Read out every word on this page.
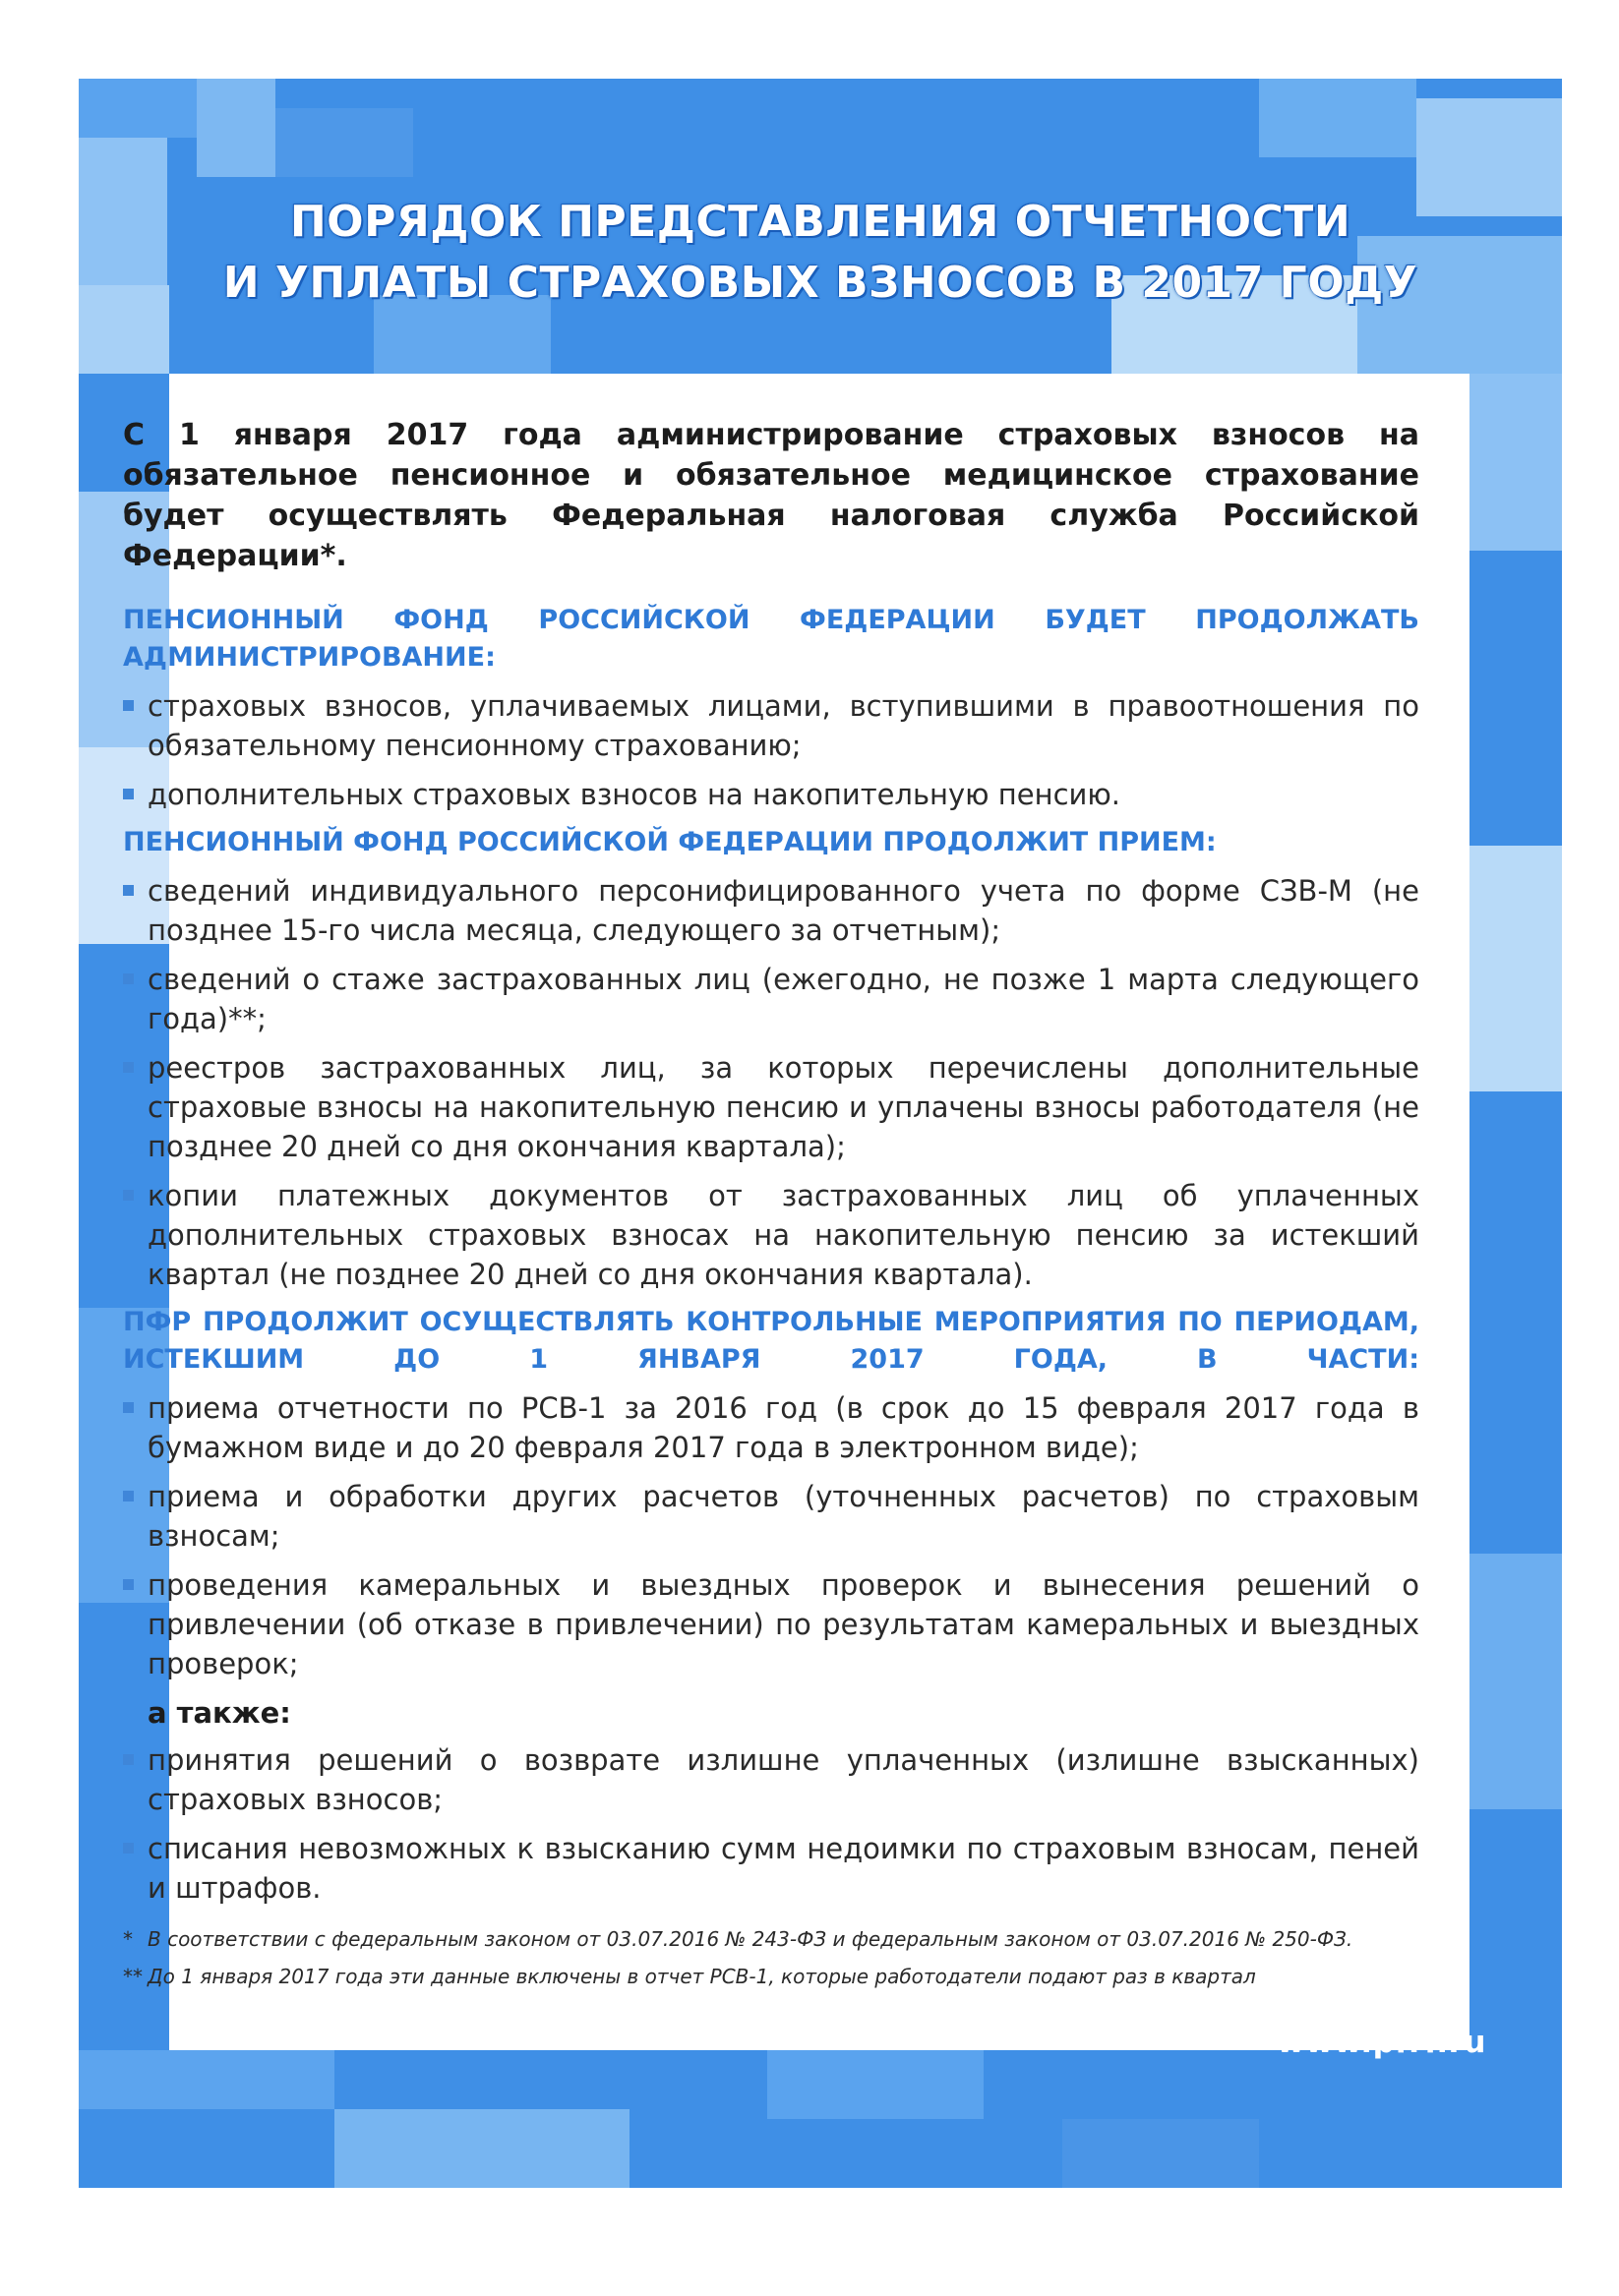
ПОРЯДОК ПРЕДСТАВЛЕНИЯ ОТЧЕТНОСТИ
И УПЛАТЫ СТРАХОВЫХ ВЗНОСОВ В 2017 ГОДУ

С 1 января 2017 года администрирование страховых взносов на обязательное пенсионное и обязательное медицинское страхование будет осуществлять Федеральная налоговая служба Российской Федерации*.

ПЕНСИОННЫЙ ФОНД РОССИЙСКОЙ ФЕДЕРАЦИИ БУДЕТ ПРОДОЛЖАТЬ АДМИНИСТРИРОВАНИЕ:
страховых взносов, уплачиваемых лицами, вступившими в правоотношения по обязательному пенсионному страхованию;
дополнительных страховых взносов на накопительную пенсию.
ПЕНСИОННЫЙ ФОНД РОССИЙСКОЙ ФЕДЕРАЦИИ ПРОДОЛЖИТ ПРИЕМ:
сведений индивидуального персонифицированного учета по форме СЗВ-М (не позднее 15-го числа месяца, следующего за отчетным);
сведений о стаже застрахованных лиц (ежегодно, не позже 1 марта следующего года)**;
реестров застрахованных лиц, за которых перечислены дополнительные страховые взносы на накопительную пенсию и уплачены взносы работодателя (не позднее 20 дней со дня окончания квартала);
копии платежных документов от застрахованных лиц об уплаченных дополнительных страховых взносах на накопительную пенсию за истекший квартал (не позднее 20 дней со дня окончания квартала).
ПФР ПРОДОЛЖИТ ОСУЩЕСТВЛЯТЬ КОНТРОЛЬНЫЕ МЕРОПРИЯТИЯ ПО ПЕРИОДАМ, ИСТЕКШИМ ДО 1 ЯНВАРЯ 2017 ГОДА, В ЧАСТИ:
приема отчетности по РСВ-1 за 2016 год (в срок до 15 февраля 2017 года в бумажном виде и до 20 февраля 2017 года в электронном виде);
приема и обработки других расчетов (уточненных расчетов) по страховым взносам;
проведения камеральных и выездных проверок и вынесения решений о привлечении (об отказе в привлечении) по результатам камеральных и выездных проверок;
а также:
принятия решений о возврате излишне уплаченных (излишне взысканных) страховых взносов;
списания невозможных к взысканию сумм недоимки по страховым взносам, пеней и штрафов.

* В соответствии с федеральным законом от 03.07.2016 № 243-ФЗ и федеральным законом от 03.07.2016 № 250-ФЗ.

** До 1 января 2017 года эти данные включены в отчет РСВ-1, которые работодатели подают раз в квартал

www.pfrf.ru
